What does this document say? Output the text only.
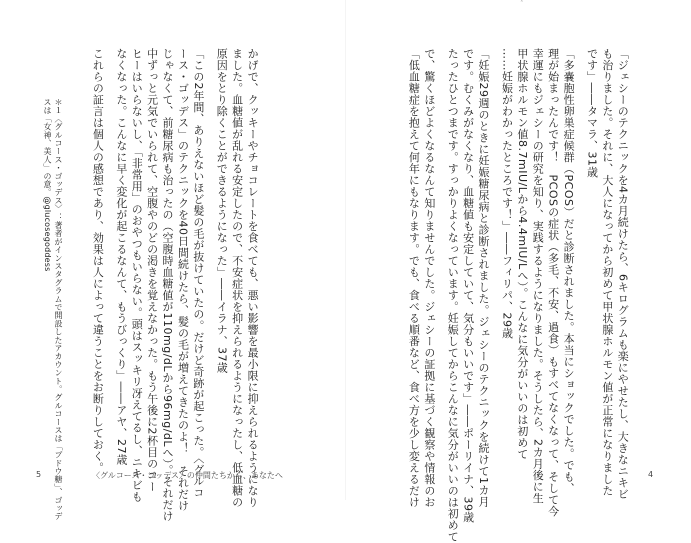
かげで、クッキーやチョコレートを食べても、悪い影響を最小限に抑えられるようになり
ました。血糖値が乱れる安定したので、不安症状を抑えられるようになったし、低血糖の
原因をとり除くことができるようになった」――イラナ、37歳
「この2年間、ありえないほど髪の毛が抜けていたの。だけど奇跡が起こった。〈グルコ
ース・ゴッデス」のテクニックを40日間続けたら、髪の毛が増えてきたのよ！　それだけ
じゃなくて、前糖尿病も治ったの（空腹時血糖値が110mg/dLから96mg/dLへ）。それだけ
中ずっと元気でいられて、空腹やのどの渇きを覚えなかった。もう午後に2杯目のコー
ヒーはいらないし、「非常用」のおやつもいらない。頭はスッキリ冴えてるし、ニキビも
なくなった。こんなに早く変化が起こるなんて、もうびっくり」――アヤ、27歳
これらの証言は個人の感想であり、効果は人によって違うことをお断りしておく。
＊１〈グルコース・ゴッデス〉：著者がインスタグラムで開設したアカウント。グルコースは「ブドウ糖」、ゴッデ
スは「女神、美人」の意。@glucosegoddess
5	〈グルコース・ゴッデス〉の仲間たちから、あなたへ
ˆ
「ジェシーのテクニックを4カ月続けたら、6キログラムも楽にやせたし、大きなニキビ
も治りました。それに、大人になってから初めて甲状腺ホルモン値が正常になりました
です」――タマラ、31歳
「多嚢胞性卵巣症候群（PCOS）だと診断されました。本当にショックでした。でも、
理が始まったんです！　PCOSの症状（多毛、不安、過食）もすべてなくなって、そして今
幸運にもジェシーの研究を知り、実践するようになりました。そうしたら、2カ月後に生
甲状腺ホルモン値8.7mIU/Lから4.4mIU/Lへ）。こんなに気分がいいのは初めて
……妊娠がわかったところです！」――フィリパ、29歳
「妊娠29週のときに妊娠糖尿病と診断されました。ジェシーのテクニックを続けて1カ月
です。むくみがなくなり、血糖値も安定していて、気分もいいです」――ポーリイナ、39歳
たったひとつまです。すっかりよくなっています。妊娠してからこんなに気分がいいのは初めて
で、驚くほどよくなるなんて知りませんでした。ジェシーの証拠に基づく観察や情報のお
「低血糖症を抱えて何年にもなります。でも、食べる順番など、食べ方を少し変えるだけ	4
